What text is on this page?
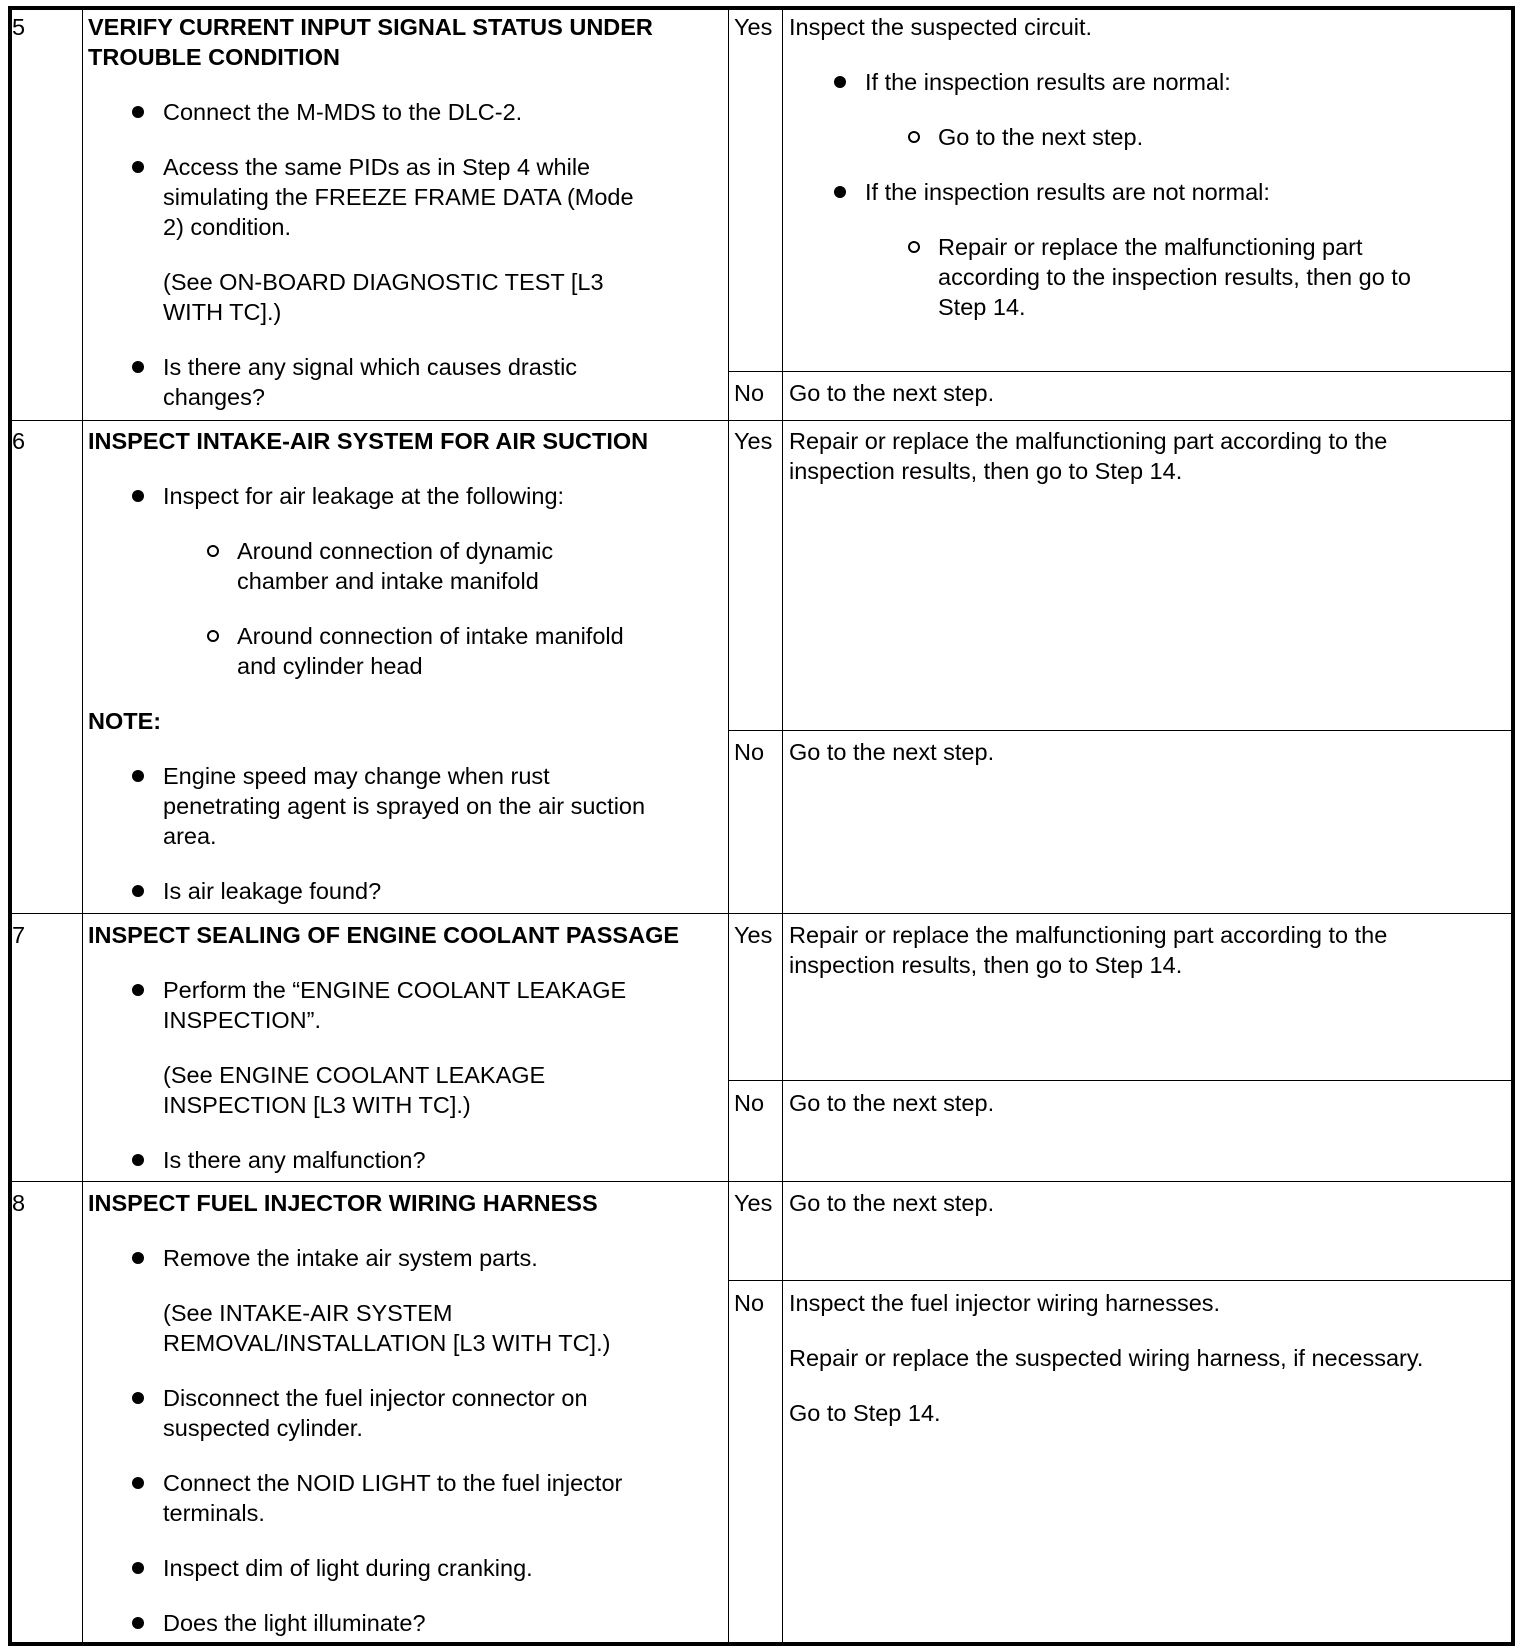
5	VERIFY CURRENT INPUT SIGNAL STATUS UNDER
TROUBLE CONDITION
Connect the M-MDS to the DLC-2.
Access the same PIDs as in Step 4 while
simulating the FREEZE FRAME DATA (Mode
2) condition.
(See ON-BOARD DIAGNOSTIC TEST [L3
WITH TC].)
Is there any signal which causes drastic
changes?
Yes Inspect the suspected circuit.
If the inspection results are normal:
Go to the next step.
If the inspection results are not normal:
Repair or replace the malfunctioning part
according to the inspection results, then go to
Step 14.
No Go to the next step.
6	INSPECT INTAKE-AIR SYSTEM FOR AIR SUCTION
Inspect for air leakage at the following:
Around connection of dynamic
chamber and intake manifold
Around connection of intake manifold
and cylinder head
NOTE:
Engine speed may change when rust
penetrating agent is sprayed on the air suction
area.
Is air leakage found?
Yes Repair or replace the malfunctioning part according to the
inspection results, then go to Step 14.
No Go to the next step.
7	INSPECT SEALING OF ENGINE COOLANT PASSAGE
Perform the “ENGINE COOLANT LEAKAGE
INSPECTION”.
(See ENGINE COOLANT LEAKAGE
INSPECTION [L3 WITH TC].)
Is there any malfunction?
Yes Repair or replace the malfunctioning part according to the
inspection results, then go to Step 14.
No Go to the next step.
8	INSPECT FUEL INJECTOR WIRING HARNESS
Remove the intake air system parts.
(See INTAKE-AIR SYSTEM
REMOVAL/INSTALLATION [L3 WITH TC].)
Disconnect the fuel injector connector on
suspected cylinder.
Connect the NOID LIGHT to the fuel injector
terminals.
Inspect dim of light during cranking.
Does the light illuminate?
Yes Go to the next step.
No Inspect the fuel injector wiring harnesses.
Repair or replace the suspected wiring harness, if necessary.
Go to Step 14.
